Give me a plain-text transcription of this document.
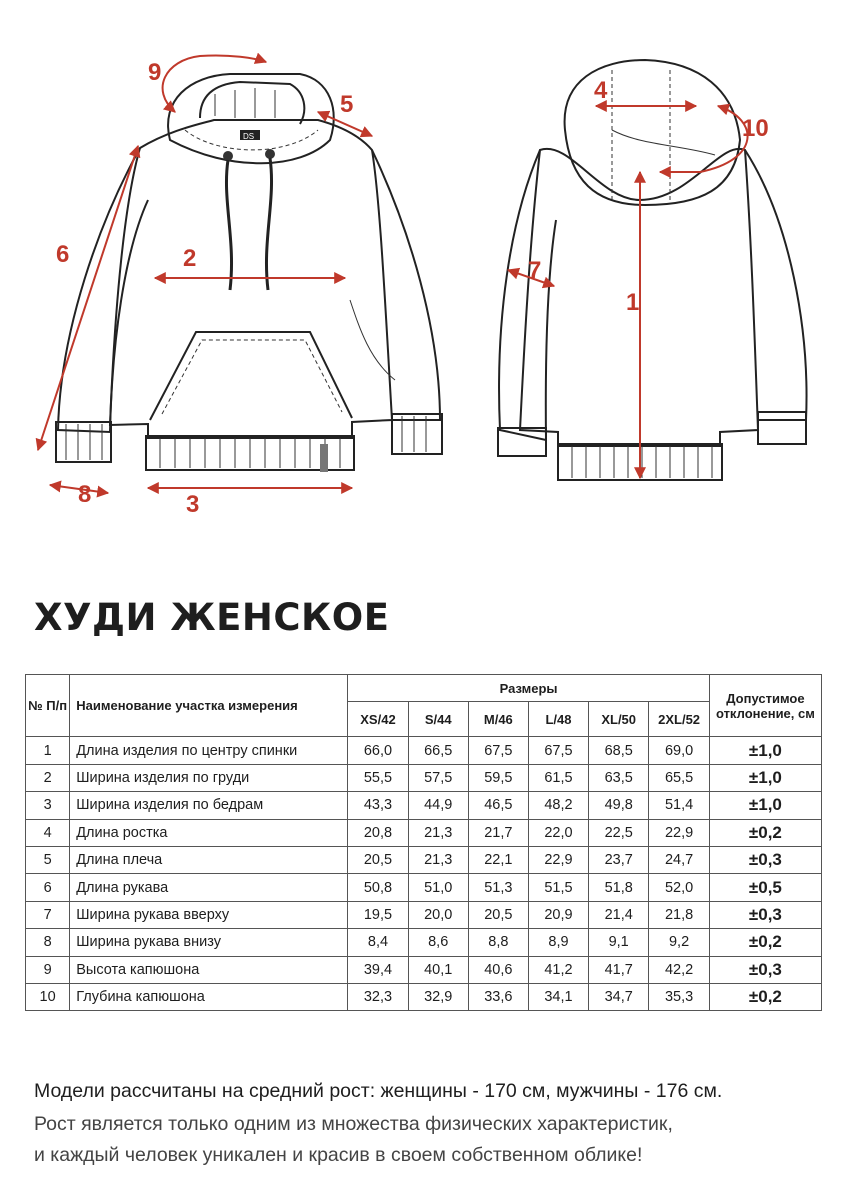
DS
1
2
3
4
5
6
7
8
9
10
ХУДИ ЖЕНСКОЕ
№ П/п	Наименование участка измерения	Размеры						Допустимое отклонение, см
		XS/42	S/44	M/46	L/48	XL/50	2XL/52	
1	Длина изделия по центру спинки	66,0	66,5	67,5	67,5	68,5	69,0	±1,0
2	Ширина изделия по груди	55,5	57,5	59,5	61,5	63,5	65,5	±1,0
3	Ширина изделия по бедрам	43,3	44,9	46,5	48,2	49,8	51,4	±1,0
4	Длина ростка	20,8	21,3	21,7	22,0	22,5	22,9	±0,2
5	Длина плеча	20,5	21,3	22,1	22,9	23,7	24,7	±0,3
6	Длина рукава	50,8	51,0	51,3	51,5	51,8	52,0	±0,5
7	Ширина рукава вверху	19,5	20,0	20,5	20,9	21,4	21,8	±0,3
8	Ширина рукава внизу	8,4	8,6	8,8	8,9	9,1	9,2	±0,2
9	Высота капюшона	39,4	40,1	40,6	41,2	41,7	42,2	±0,3
10	Глубина капюшона	32,3	32,9	33,6	34,1	34,7	35,3	±0,2

Модели рассчитаны на средний рост: женщины - 170 см, мужчины - 176 см.

Рост является только одним из множества физических характеристик,

и каждый человек уникален и красив в своем собственном облике!
